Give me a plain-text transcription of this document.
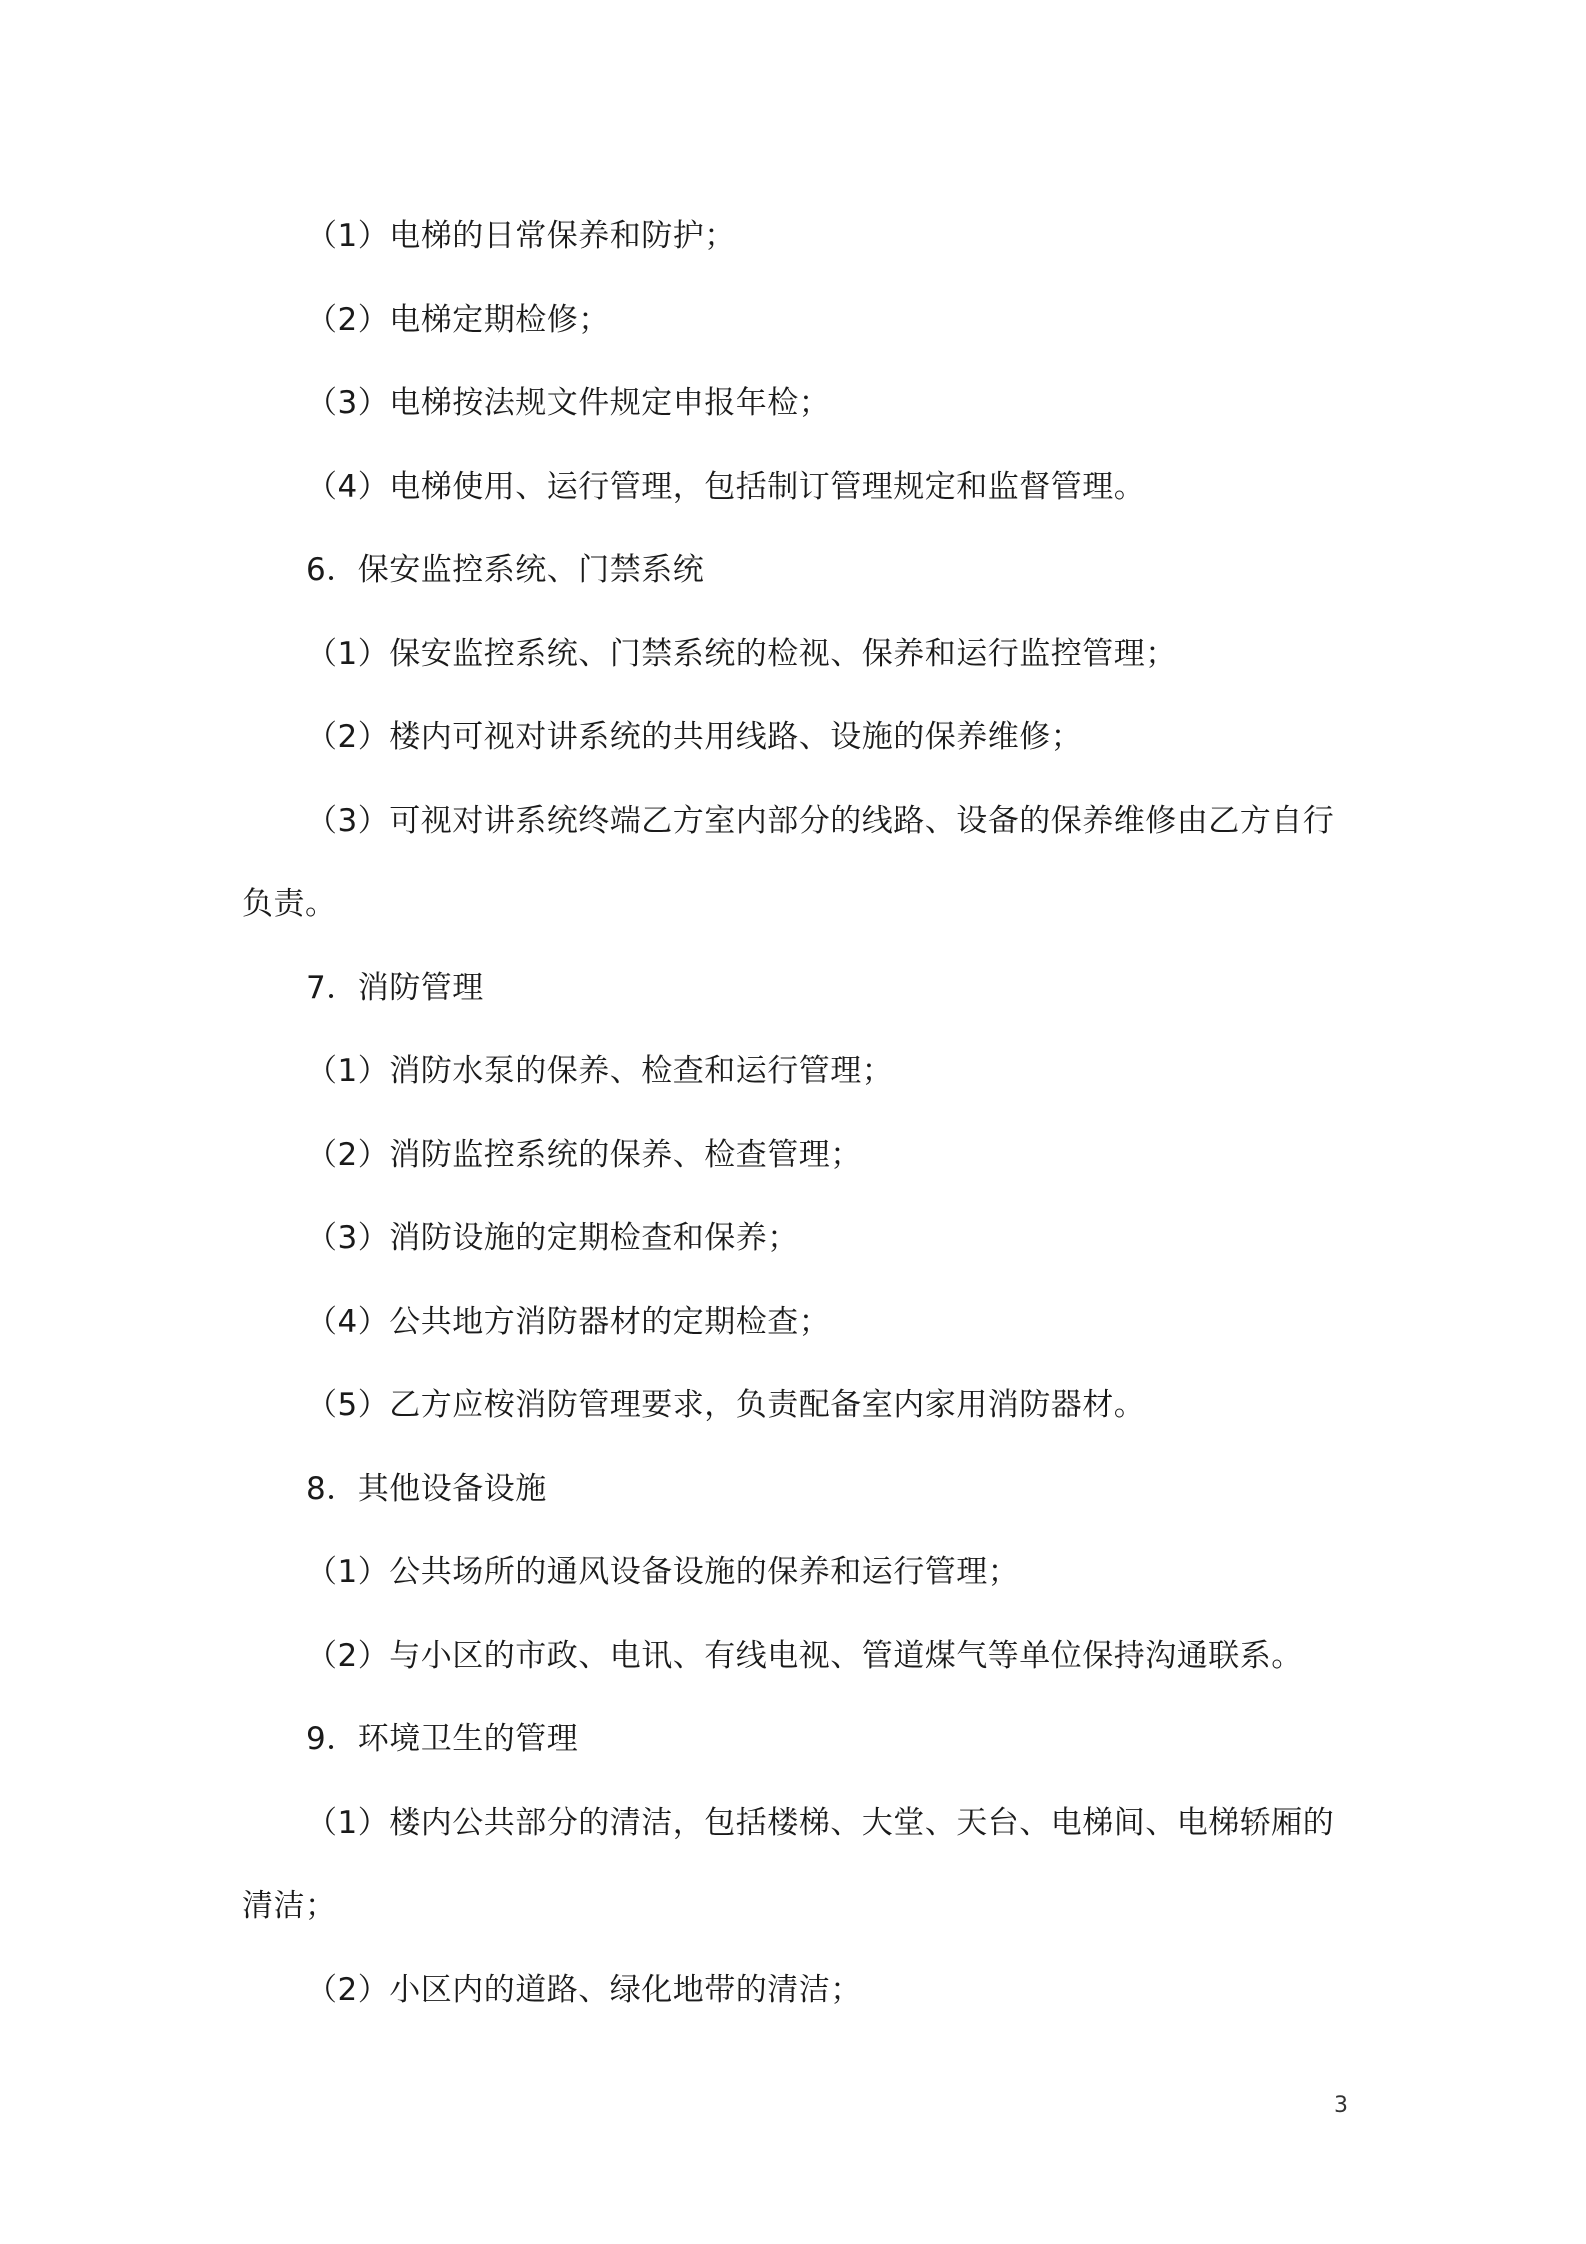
（1）电梯的日常保养和防护；
（2）电梯定期检修；
（3）电梯按法规文件规定申报年检；
（4）电梯使用、运行管理，包括制订管理规定和监督管理。
6．保安监控系统、门禁系统
（1）保安监控系统、门禁系统的检视、保养和运行监控管理；
（2）楼内可视对讲系统的共用线路、设施的保养维修；
（3）可视对讲系统终端乙方室内部分的线路、设备的保养维修由乙方自行
负责。
7．消防管理
（1）消防水泵的保养、检查和运行管理；
（2）消防监控系统的保养、检查管理；
（3）消防设施的定期检查和保养；
（4）公共地方消防器材的定期检查；
（5）乙方应桉消防管理要求，负责配备室内家用消防器材。
8．其他设备设施
（1）公共场所的通风设备设施的保养和运行管理；
（2）与小区的市政、电讯、有线电视、管道煤气等单位保持沟通联系。
9．环境卫生的管理
（1）楼内公共部分的清洁，包括楼梯、大堂、天台、电梯间、电梯轿厢的
清洁；
（2）小区内的道路、绿化地带的清洁；
3
